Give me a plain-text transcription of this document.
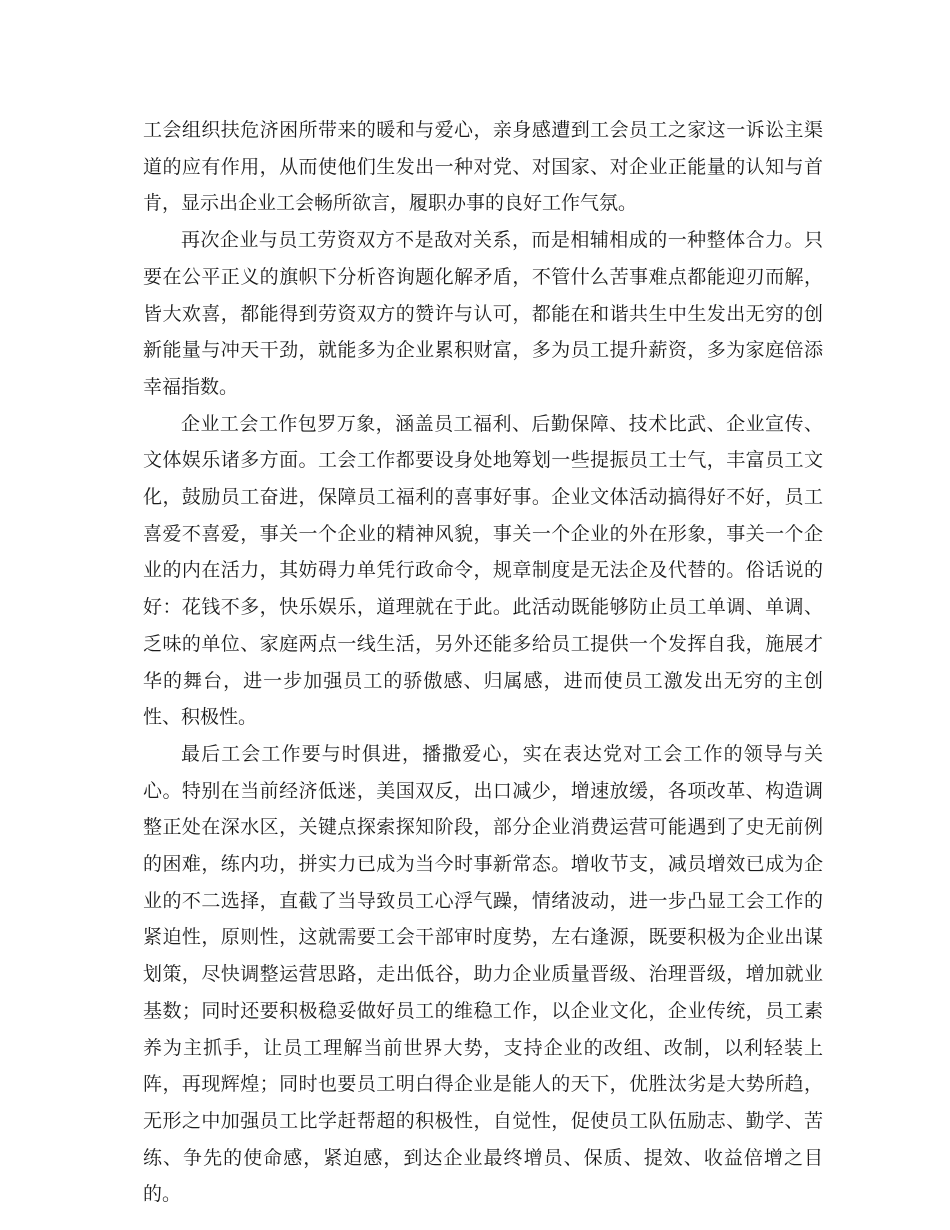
工会组织扶危济困所带来的暖和与爱心，亲身感遭到工会员工之家这一诉讼主渠道的应有作用，从而使他们生发出一种对党、对国家、对企业正能量的认知与首肯，显示出企业工会畅所欲言，履职办事的良好工作气氛。

再次企业与员工劳资双方不是敌对关系，而是相辅相成的一种整体合力。只要在公平正义的旗帜下分析咨询题化解矛盾，不管什么苦事难点都能迎刃而解，皆大欢喜，都能得到劳资双方的赞许与认可，都能在和谐共生中生发出无穷的创新能量与冲天干劲，就能多为企业累积财富，多为员工提升薪资，多为家庭倍添幸福指数。

企业工会工作包罗万象，涵盖员工福利、后勤保障、技术比武、企业宣传、文体娱乐诸多方面。工会工作都要设身处地筹划一些提振员工士气，丰富员工文化，鼓励员工奋进，保障员工福利的喜事好事。企业文体活动搞得好不好，员工喜爱不喜爱，事关一个企业的精神风貌，事关一个企业的外在形象，事关一个企业的内在活力，其妨碍力单凭行政命令，规章制度是无法企及代替的。俗话说的好：花钱不多，快乐娱乐，道理就在于此。此活动既能够防止员工单调、单调、乏味的单位、家庭两点一线生活，另外还能多给员工提供一个发挥自我，施展才华的舞台，进一步加强员工的骄傲感、归属感，进而使员工激发出无穷的主创性、积极性。

最后工会工作要与时俱进，播撒爱心，实在表达党对工会工作的领导与关心。特别在当前经济低迷，美国双反，出口减少，增速放缓，各项改革、构造调整正处在深水区，关键点探索探知阶段，部分企业消费运营可能遇到了史无前例的困难，练内功，拼实力已成为当今时事新常态。增收节支，减员增效已成为企业的不二选择，直截了当导致员工心浮气躁，情绪波动，进一步凸显工会工作的紧迫性，原则性，这就需要工会干部审时度势，左右逢源，既要积极为企业出谋划策，尽快调整运营思路，走出低谷，助力企业质量晋级、治理晋级，增加就业基数；同时还要积极稳妥做好员工的维稳工作，以企业文化，企业传统，员工素养为主抓手，让员工理解当前世界大势，支持企业的改组、改制，以利轻装上阵，再现辉煌；同时也要员工明白得企业是能人的天下，优胜汰劣是大势所趋，无形之中加强员工比学赶帮超的积极性，自觉性，促使员工队伍励志、勤学、苦练、争先的使命感，紧迫感，到达企业最终增员、保质、提效、收益倍增之目的。
